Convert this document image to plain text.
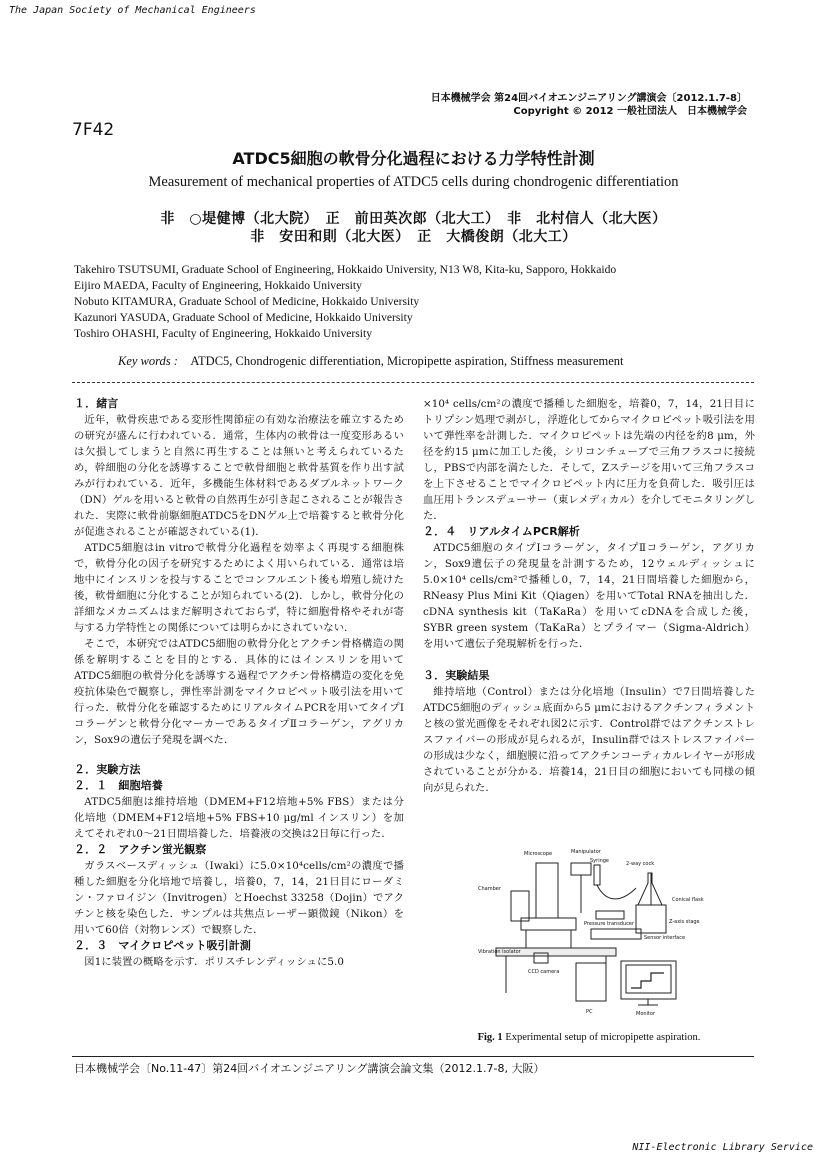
The Japan Society of Mechanical Engineers
日本機械学会 第24回バイオエンジニアリング講演会〔2012.1.7-8〕
Copyright © 2012 一般社団法人　日本機械学会
7F42
ATDC5細胞の軟骨分化過程における力学特性計測
Measurement of mechanical properties of ATDC5 cells during chondrogenic differentiation
非　○堤健博（北大院）　正　前田英次郎（北大工）　非　北村信人（北大医）
非　安田和則（北大医）　正　大橋俊朗（北大工）
Takehiro TSUTSUMI, Graduate School of Engineering, Hokkaido University, N13 W8, Kita-ku, Sapporo, Hokkaido
Eijiro MAEDA, Faculty of Engineering, Hokkaido University
Nobuto KITAMURA, Graduate School of Medicine, Hokkaido University
Kazunori YASUDA, Graduate School of Medicine, Hokkaido University
Toshiro OHASHI, Faculty of Engineering, Hokkaido University
Key words : ATDC5, Chondrogenic differentiation, Micropipette aspiration, Stiffness measurement
１．緒言

近年，軟骨疾患である変形性関節症の有効な治療法を確立するための研究が盛んに行われている．通常，生体内の軟骨は一度変形あるいは欠損してしまうと自然に再生することは無いと考えられているため，幹細胞の分化を誘導することで軟骨細胞と軟骨基質を作り出す試みが行われている．近年，多機能生体材料であるダブルネットワーク（DN）ゲルを用いると軟骨の自然再生が引き起こされることが報告された．実際に軟骨前駆細胞ATDC5をDNゲル上で培養すると軟骨分化が促進されることが確認されている(1)．

ATDC5細胞はin vitroで軟骨分化過程を効率よく再現する細胞株で，軟骨分化の因子を研究するためによく用いられている．通常は培地中にインスリンを投与することでコンフルエント後も増殖し続けた後，軟骨細胞に分化することが知られている(2)．しかし，軟骨分化の詳細なメカニズムはまだ解明されておらず，特に細胞骨格やそれが寄与する力学特性との関係については明らかにされていない．

そこで，本研究ではATDC5細胞の軟骨分化とアクチン骨格構造の関係を解明することを目的とする．具体的にはインスリンを用いてATDC5細胞の軟骨分化を誘導する過程でアクチン骨格構造の変化を免疫抗体染色で観察し，弾性率計測をマイクロピペット吸引法を用いて行った．軟骨分化を確認するためにリアルタイムPCRを用いてタイプⅠコラーゲンと軟骨分化マーカーであるタイプⅡコラーゲン，アグリカン，Sox9の遺伝子発現を調べた．

２．実験方法
２．１　細胞培養

ATDC5細胞は維持培地（DMEM+F12培地+5% FBS）または分化培地（DMEM+F12培地+5% FBS+10 μg/ml インスリン）を加えてそれぞれ0〜21日間培養した．培養液の交換は2日毎に行った．

２．２　アクチン蛍光観察

ガラスベースディッシュ（Iwaki）に5.0×10⁴cells/cm²の濃度で播種した細胞を分化培地で培養し，培養0，7，14，21日目にローダミン・ファロイジン（Invitrogen）とHoechst 33258（Dojin）でアクチンと核を染色した．サンプルは共焦点レーザー顕微鏡（Nikon）を用いて60倍（対物レンズ）で観察した．

２．３　マイクロピペット吸引計測

図1に装置の概略を示す．ポリスチレンディッシュに5.0

×10⁴ cells/cm²の濃度で播種した細胞を，培養0，7，14，21日目にトリプシン処理で剥がし，浮遊化してからマイクロピペット吸引法を用いて弾性率を計測した．マイクロピペットは先端の内径を約8 μm，外径を約15 μmに加工した後，シリコンチューブで三角フラスコに接続し，PBSで内部を満たした．そして，Zステージを用いて三角フラスコを上下させることでマイクロピペット内に圧力を負荷した．吸引圧は血圧用トランスデューサー（東レメディカル）を介してモニタリングした．

２．４　リアルタイムPCR解析

ATDC5細胞のタイプⅠコラーゲン，タイプⅡコラーゲン，アグリカン，Sox9遺伝子の発現量を計測するため，12ウェルディッシュに5.0×10⁴ cells/cm²で播種し0，7，14，21日間培養した細胞から，RNeasy Plus Mini Kit（Qiagen）を用いてTotal RNAを抽出した．cDNA synthesis kit（TaKaRa）を用いてcDNAを合成した後，SYBR green system（TaKaRa）とプライマー（Sigma-Aldrich）を用いて遺伝子発現解析を行った．

３．実験結果

維持培地（Control）または分化培地（Insulin）で7日間培養したATDC5細胞のディッシュ底面から5 μmにおけるアクチンフィラメントと核の蛍光画像をそれぞれ図2に示す．Control群ではアクチンストレスファイバーの形成が見られるが，Insulin群ではストレスファイバーの形成は少なく，細胞膜に沿ってアクチンコーティカルレイヤーが形成されていることが分かる．培養14，21日目の細胞においても同様の傾向が見られた．

Microscope	Manipulator
Syringe	2-way cock
Chamber
Conical flask
Pressure transducer	Z-axis stage
Sensor interface
Vibration isolator
CCD camera
PC	Monitor
Fig. 1 Experimental setup of micropipette aspiration.
日本機械学会〔No.11-47〕第24回バイオエンジニアリング講演会論文集（2012.1.7-8, 大阪）
NII-Electronic Library Service
